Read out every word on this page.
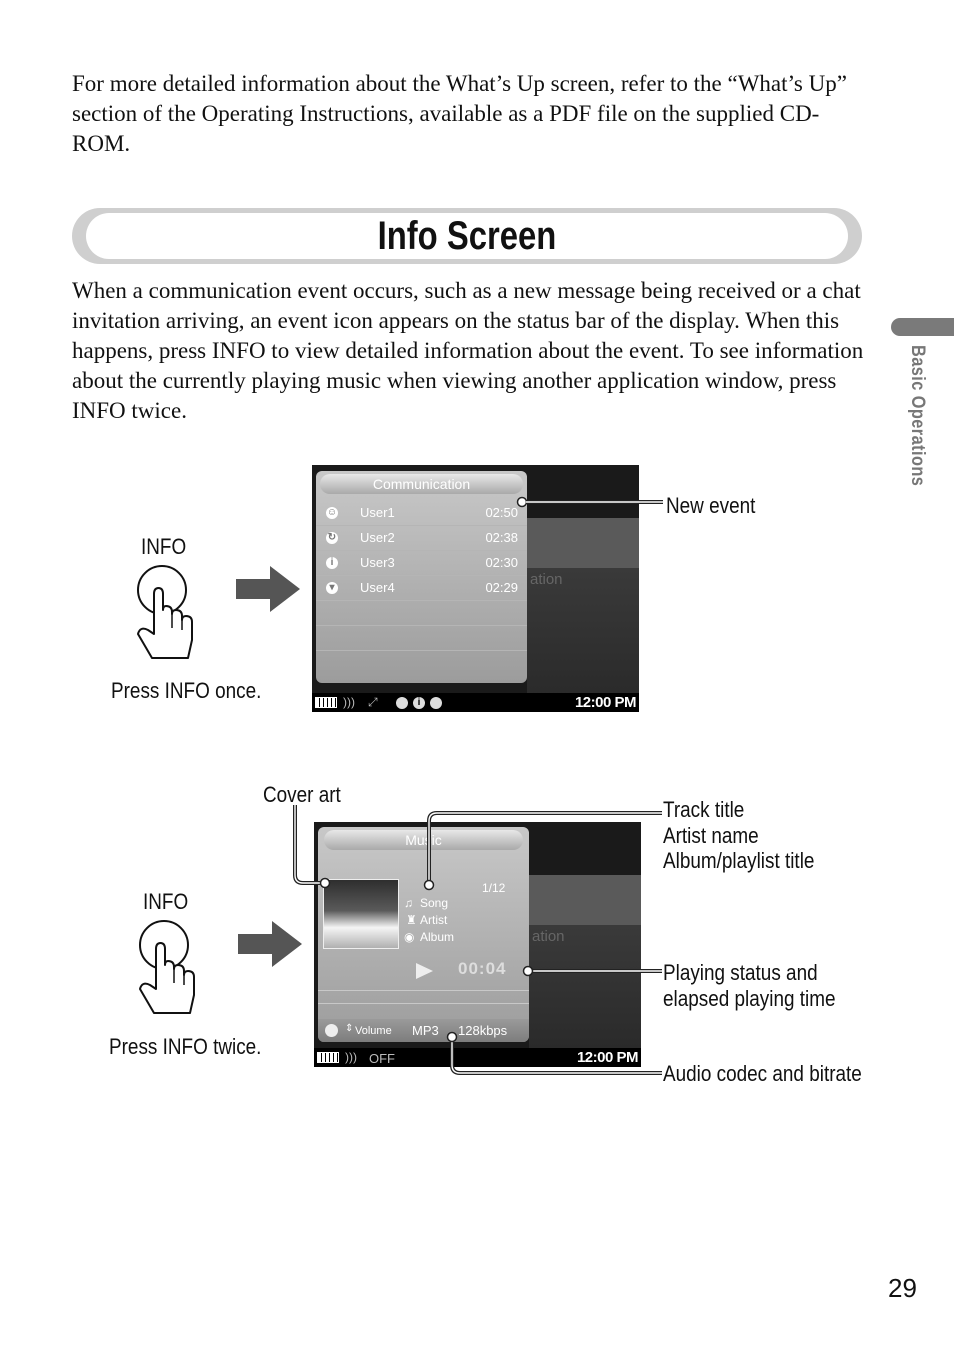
For more detailed information about the What’s Up screen, refer to the “What’s Up” section of the Operating Instructions, available as a PDF file on the supplied CD-ROM.
Info Screen
When a communication event occurs, such as a new message being received or a chat invitation arriving, an event icon appears on the status bar of the display. When this happens, press INFO to view detailed information about the event. To see information about the currently playing music when viewing another application window, press INFO twice.	Basic Operations
INFO
Press INFO once.
ation
Communication
☺ User1	02:50
↻ User2	02:38
i	User3	02:30
▾ User4	02:29
))) ⤢	i	12:00 PM
New event
Cover art
Track title
Artist name
Album/playlist title
Playing status and
elapsed playing time
Audio codec and bitrate
INFO
Press INFO twice.
ation
Music
1/12
♫ Song
♜ Artist
◉ Album
00:04
⇕ Volume MP3 128kbps
))) OFF	12:00 PM
29
